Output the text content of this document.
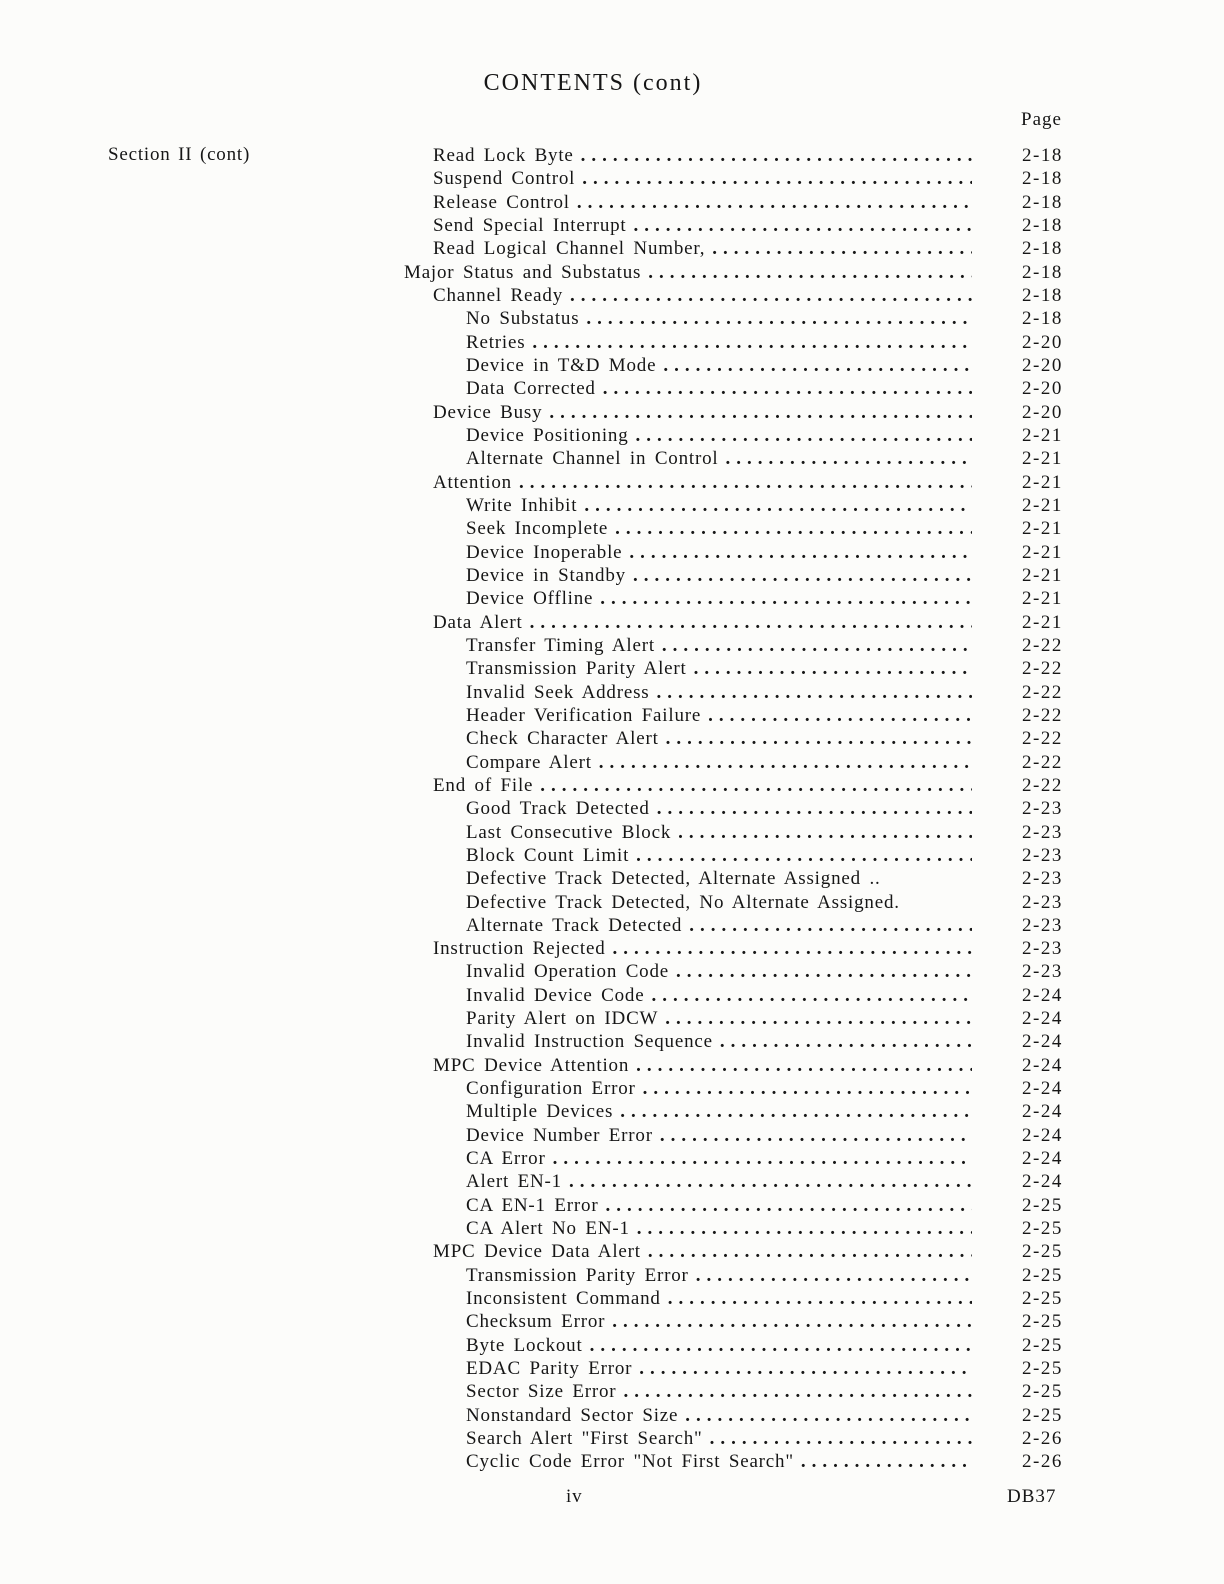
CONTENTS (cont)
Page
Section II (cont)	Read Lock Byte .....	2-18
Suspend Control .....	2-18
Release Control .....	2-18
Send Special Interrupt .....	2-18
Read Logical Channel Number, .....	2-18
Major Status and Substatus .....	2-18
Channel Ready .....	2-18
No Substatus .....	2-18
Retries .....	2-20
Device in T&D Mode .....	2-20
Data Corrected .....	2-20
Device Busy .....	2-20
Device Positioning .....	2-21
Alternate Channel in Control .....	2-21
Attention .....	2-21
Write Inhibit .....	2-21
Seek Incomplete .....	2-21
Device Inoperable .....	2-21
Device in Standby .....	2-21
Device Offline .....	2-21
Data Alert .....	2-21
Transfer Timing Alert .....	2-22
Transmission Parity Alert .....	2-22
Invalid Seek Address .....	2-22
Header Verification Failure .....	2-22
Check Character Alert .....	2-22
Compare Alert .....	2-22
End of File .....	2-22
Good Track Detected .....	2-23
Last Consecutive Block .....	2-23
Block Count Limit .....	2-23
Defective Track Detected, Alternate Assigned ..	2-23
Defective Track Detected, No Alternate Assigned.	2-23
Alternate Track Detected .....	2-23
Instruction Rejected .....	2-23
Invalid Operation Code .....	2-23
Invalid Device Code .....	2-24
Parity Alert on IDCW .....	2-24
Invalid Instruction Sequence .....	2-24
MPC Device Attention .....	2-24
Configuration Error .....	2-24
Multiple Devices .....	2-24
Device Number Error .....	2-24
CA Error .....	2-24
Alert EN-1 .....	2-24
CA EN-1 Error .....	2-25
CA Alert No EN-1 .....	2-25
MPC Device Data Alert .....	2-25
Transmission Parity Error .....	2-25
Inconsistent Command .....	2-25
Checksum Error .....	2-25
Byte Lockout .....	2-25
EDAC Parity Error .....	2-25
Sector Size Error .....	2-25
Nonstandard Sector Size .....	2-25
Search Alert "First Search" .....	2-26
Cyclic Code Error "Not First Search" .....	2-26
iv	DB37
